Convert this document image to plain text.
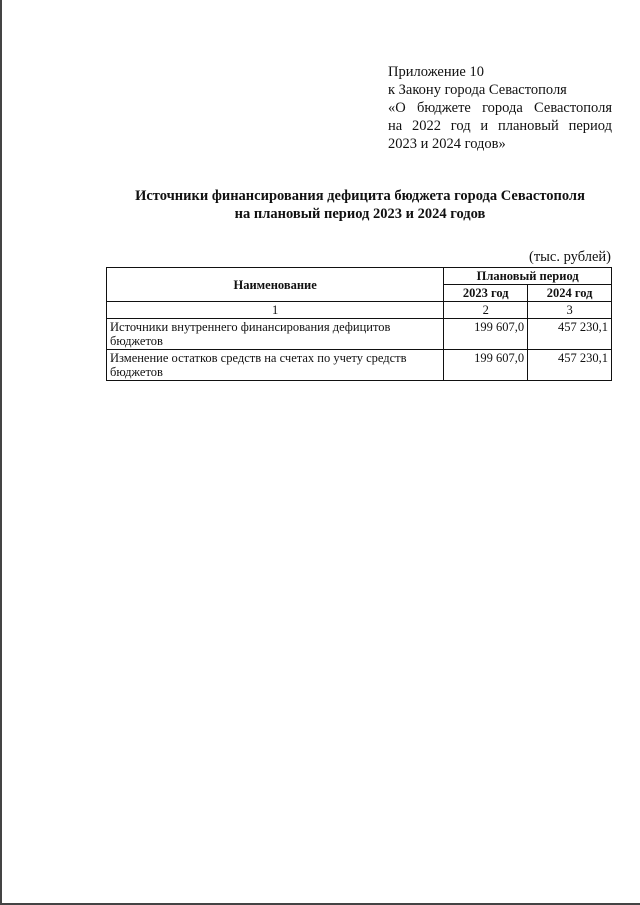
Приложение 10
к Закону города Севастополя
«О бюджете города Севастополя
на 2022 год и плановый период
2023 и 2024 годов»
Источники финансирования дефицита бюджета города Севастополя
на плановый период 2023 и 2024 годов
(тыс. рублей)
Наименование	Плановый период	
	2023 год	2024 год
1	2	3
Источники внутреннего финансирования дефицитов бюджетов	199 607,0	457 230,1
Изменение остатков средств на счетах по учету средств бюджетов	199 607,0	457 230,1
